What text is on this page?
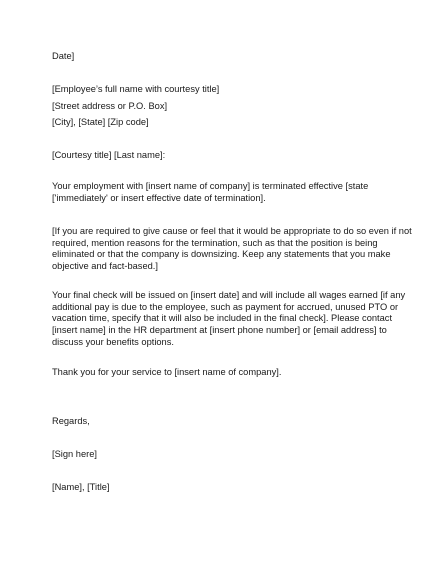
Date]

[Employee’s full name with courtesy title]

[Street address or P.O. Box]

[City], [State] [Zip code]

[Courtesy title] [Last name]:

Your employment with [insert name of company] is terminated effective [state
['immediately' or insert effective date of termination].
[If you are required to give cause or feel that it would be appropriate to do so even if not
required, mention reasons for the termination, such as that the position is being
eliminated or that the company is downsizing. Keep any statements that you make
objective and fact-based.]
Your final check will be issued on [insert date] and will include all wages earned [if any
additional pay is due to the employee, such as payment for accrued, unused PTO or
vacation time, specify that it will also be included in the final check]. Please contact
[insert name] in the HR department at [insert phone number] or [email address] to
discuss your benefits options.

Thank you for your service to [insert name of company].

Regards,

[Sign here]

[Name], [Title]
